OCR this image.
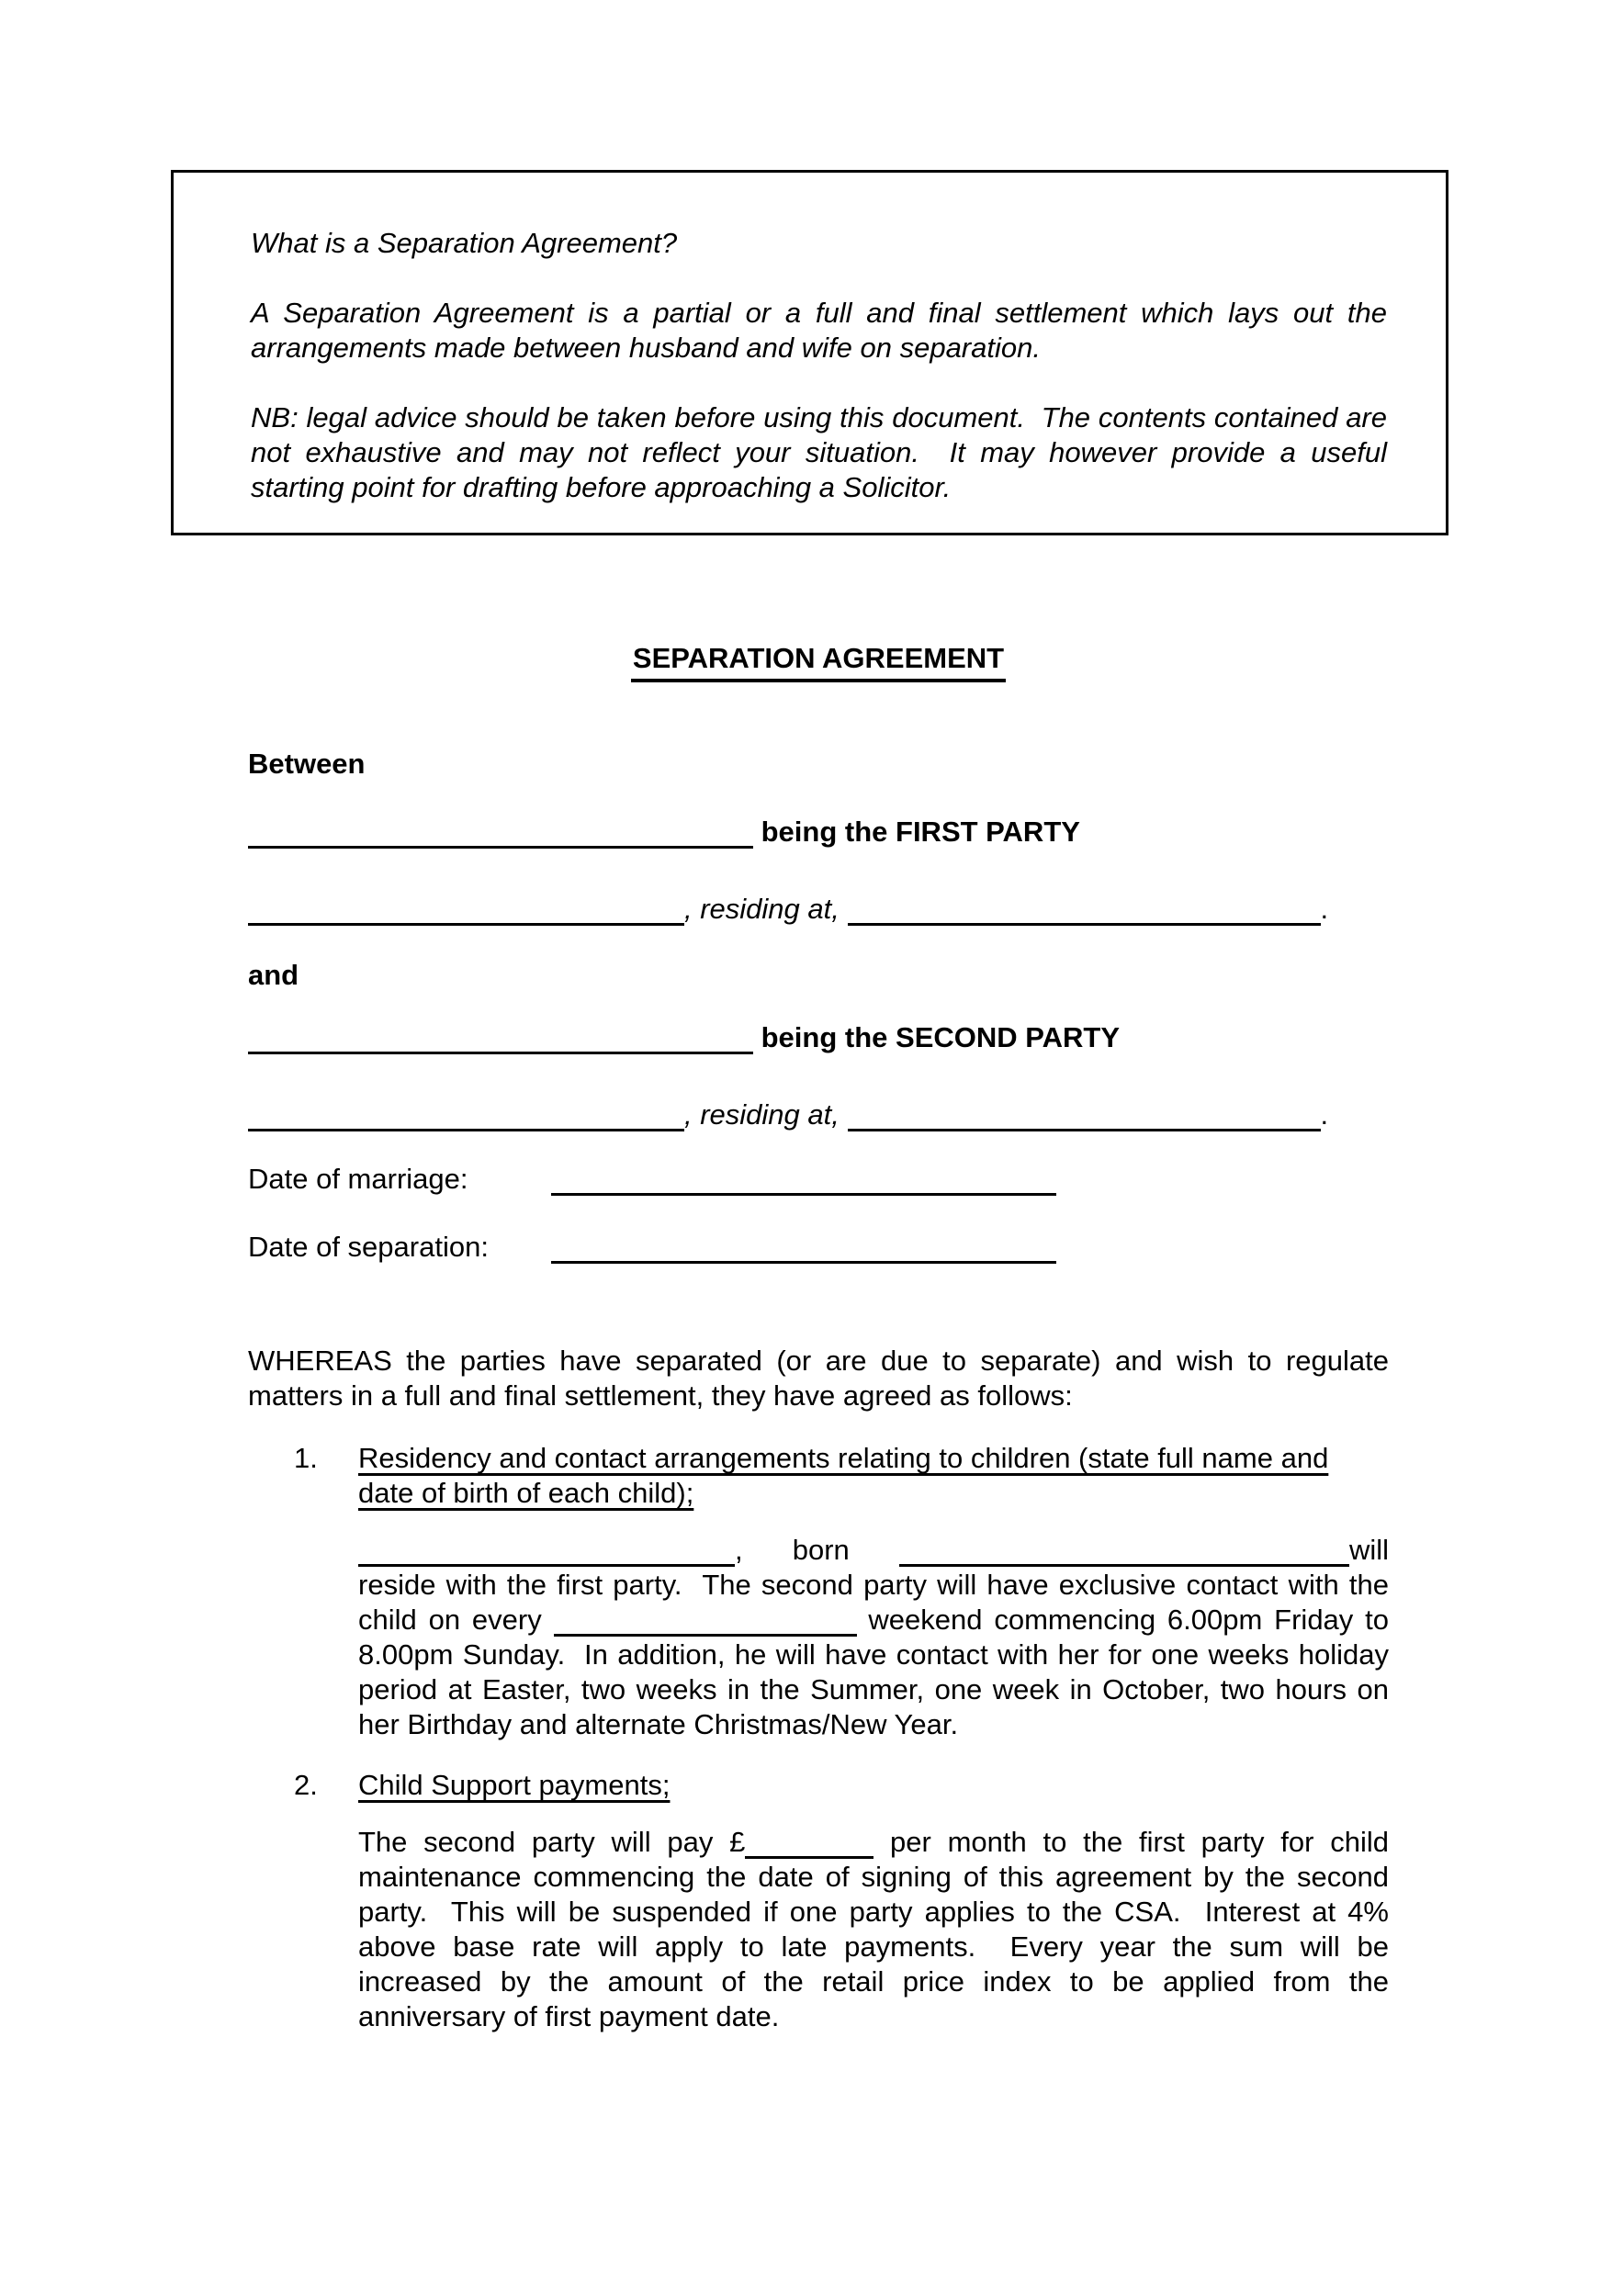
What is a Separation Agreement?

A Separation Agreement is a partial or a full and final settlement which lays out the arrangements made between husband and wife on separation.

NB: legal advice should be taken before using this document.  The contents contained are not exhaustive and may not reflect your situation.  It may however provide a useful starting point for drafting before approaching a Solicitor.

SEPARATION AGREEMENT
Between
being the FIRST PARTY
, residing at,	.
and
being the SECOND PARTY
, residing at,	.
Date of marriage:
Date of separation:

WHEREAS the parties have separated (or are due to separate) and wish to regulate matters in a full and final settlement, they have agreed as follows:

1. Residency and contact arrangements relating to children (state full name and date of birth of each child);

, born	will reside with the first party.  The second party will have exclusive contact with the child on every	weekend commencing 6.00pm Friday to 8.00pm Sunday.  In addition, he will have contact with her for one weeks holiday period at Easter, two weeks in the Summer, one week in October, two hours on her Birthday and alternate Christmas/New Year.

2. Child Support payments;

The second party will pay £	per month to the first party for child maintenance commencing the date of signing of this agreement by the second party.  This will be suspended if one party applies to the CSA.  Interest at 4% above base rate will apply to late payments.  Every year the sum will be increased by the amount of the retail price index to be applied from the anniversary of first payment date.
